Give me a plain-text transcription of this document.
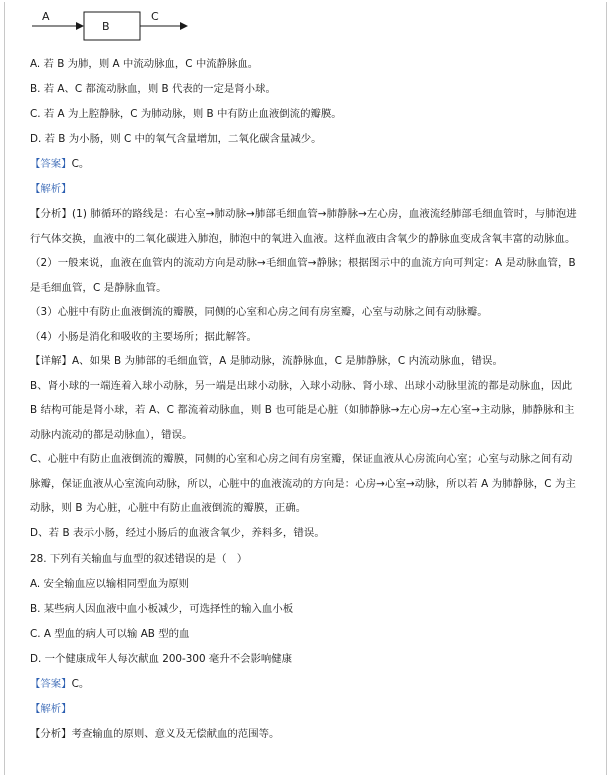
A
B
C

A. 若 B 为肺，则 A 中流动脉血，C 中流静脉血。

B. 若 A、C 都流动脉血，则 B 代表的一定是肾小球。

C. 若 A 为上腔静脉，C 为肺动脉，则 B 中有防止血液倒流的瓣膜。

D. 若 B 为小肠，则 C 中的氧气含量增加，二氧化碳含量减少。

【答案】C。

【解析】

【分析】(1) 肺循环的路线是：右心室→肺动脉→肺部毛细血管→肺静脉→左心房，血液流经肺部毛细血管时，与肺泡进行气体交换，血液中的二氧化碳进入肺泡，肺泡中的氧进入血液。这样血液由含氧少的静脉血变成含氧丰富的动脉血。

（2）一般来说，血液在血管内的流动方向是动脉→毛细血管→静脉；根据图示中的血流方向可判定：A 是动脉血管，B 是毛细血管，C 是静脉血管。

（3）心脏中有防止血液倒流的瓣膜，同侧的心室和心房之间有房室瓣，心室与动脉之间有动脉瓣。

（4）小肠是消化和吸收的主要场所；据此解答。

【详解】A、如果 B 为肺部的毛细血管，A 是肺动脉，流静脉血，C 是肺静脉，C 内流动脉血，错误。

B、肾小球的一端连着入球小动脉，另一端是出球小动脉，入球小动脉、肾小球、出球小动脉里流的都是动脉血，因此 B 结构可能是肾小球，若 A、C 都流着动脉血，则 B 也可能是心脏（如肺静脉→左心房→左心室→主动脉，肺静脉和主动脉内流动的都是动脉血），错误。

C、心脏中有防止血液倒流的瓣膜，同侧的心室和心房之间有房室瓣，保证血液从心房流向心室；心室与动脉之间有动脉瓣，保证血液从心室流向动脉，所以，心脏中的血液流动的方向是：心房→心室→动脉，所以若 A 为肺静脉，C 为主动脉，则 B 为心脏，心脏中有防止血液倒流的瓣膜，正确。

D、若 B 表示小肠，经过小肠后的血液含氧少，养料多，错误。

28. 下列有关输血与血型的叙述错误的是（　）

A. 安全输血应以输相同型血为原则

B. 某些病人因血液中血小板减少，可选择性的输入血小板

C. A 型血的病人可以输 AB 型的血

D. 一个健康成年人每次献血 200-300 毫升不会影响健康

【答案】C。

【解析】

【分析】考查输血的原则、意义及无偿献血的范围等。
